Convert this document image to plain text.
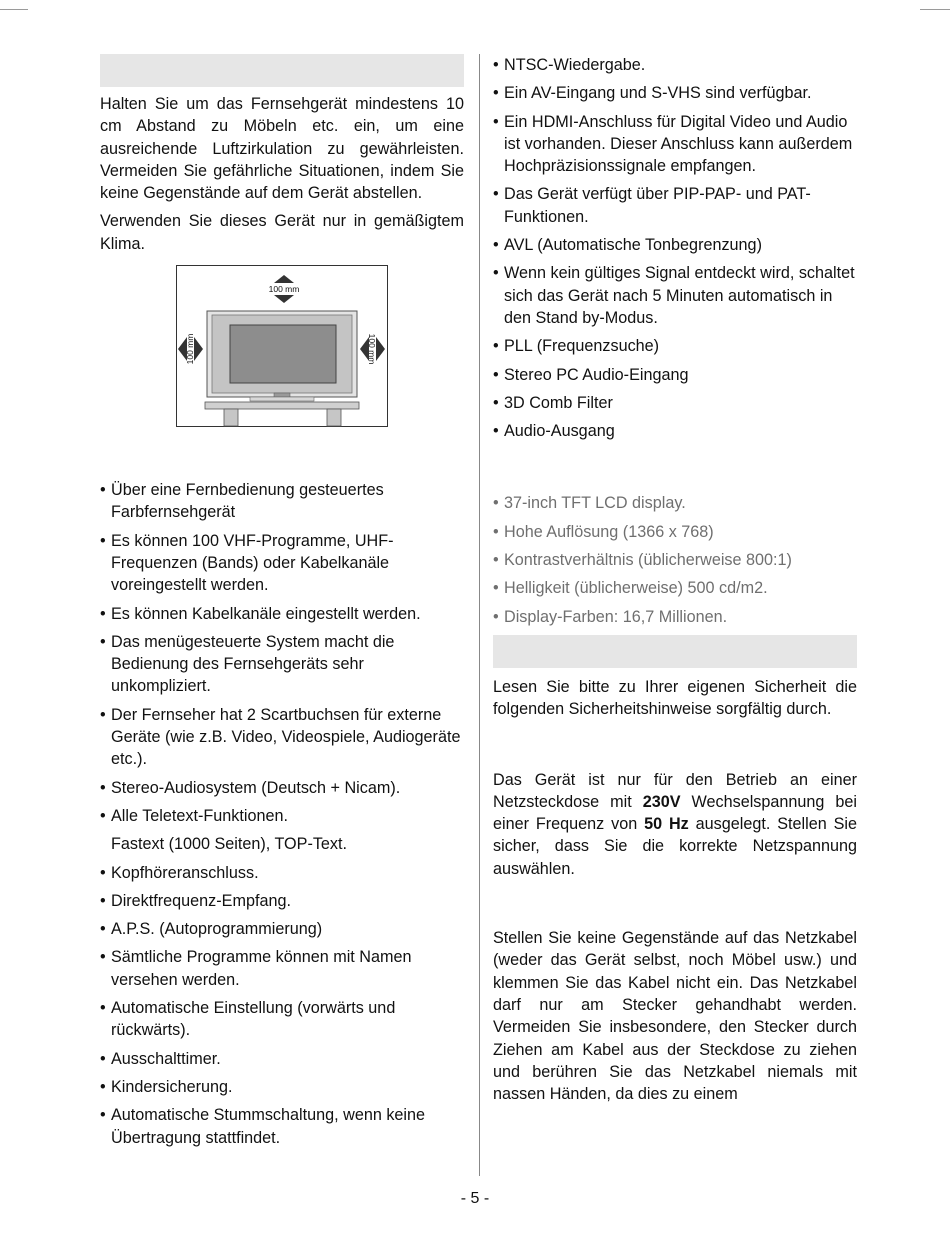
Halten Sie um das Fernsehgerät mindestens 10 cm Abstand zu Möbeln etc. ein, um eine ausreichende Luftzirkulation zu gewährleisten. Vermeiden Sie gefährliche Situationen, indem Sie keine Gegenstände auf dem Gerät abstellen.

Verwenden Sie dieses Gerät nur in gemäßigtem Klima.

100 mm
100 mm	100 mm
• Über eine Fernbedienung gesteuertes Farbfernsehgerät
• Es können 100 VHF-Programme, UHF-Frequenzen (Bands) oder Kabelkanäle voreingestellt werden.
• Es können Kabelkanäle eingestellt werden.
• Das menügesteuerte System macht die Bedienung des Fernsehgeräts sehr unkompliziert.
• Der Fernseher hat 2 Scartbuchsen für externe Geräte (wie z.B. Video, Videospiele, Audiogeräte etc.).
• Stereo-Audiosystem (Deutsch + Nicam).
• Alle Teletext-Funktionen.

Fastext (1000 Seiten), TOP-Text.

• Kopfhöreranschluss.
• Direktfrequenz-Empfang.
• A.P.S. (Autoprogrammierung)
• Sämtliche Programme können mit Namen versehen werden.
• Automatische Einstellung (vorwärts und rückwärts).
• Ausschalttimer.
• Kindersicherung.
• Automatische Stummschaltung, wenn keine Übertragung stattfindet.
• NTSC-Wiedergabe.
• Ein AV-Eingang und S-VHS sind verfügbar.
• Ein HDMI-Anschluss für Digital Video und Audio ist vorhanden. Dieser Anschluss kann außerdem Hochpräzisionssignale empfangen.
• Das Gerät verfügt über PIP-PAP- und PAT-Funktionen.
• AVL (Automatische Tonbegrenzung)
• Wenn kein gültiges Signal entdeckt wird, schaltet sich das Gerät nach 5 Minuten automatisch in den Stand by-Modus.
• PLL (Frequenzsuche)
• Stereo PC Audio-Eingang
• 3D Comb Filter
• Audio-Ausgang
• 37-inch TFT LCD display.
• Hohe Auflösung (1366 x 768)
• Kontrastverhältnis (üblicherweise 800:1)
• Helligkeit (üblicherweise) 500 cd/m2.
• Display-Farben: 16,7 Millionen.

Lesen Sie bitte zu Ihrer eigenen Sicherheit die folgenden Sicherheitshinweise sorgfältig durch.

Das Gerät ist nur für den Betrieb an einer Netzsteckdose mit 230V Wechselspannung bei einer Frequenz von 50 Hz ausgelegt. Stellen Sie sicher, dass Sie die korrekte Netzspannung auswählen.

Stellen Sie keine Gegenstände auf das Netzkabel (weder das Gerät selbst, noch Möbel usw.) und klemmen Sie das Kabel nicht ein. Das Netzkabel darf nur am Stecker gehandhabt werden. Vermeiden Sie insbesondere, den Stecker durch Ziehen am Kabel aus der Steckdose zu ziehen und berühren Sie das Netzkabel niemals mit nassen Händen, da dies zu einem

- 5 -
